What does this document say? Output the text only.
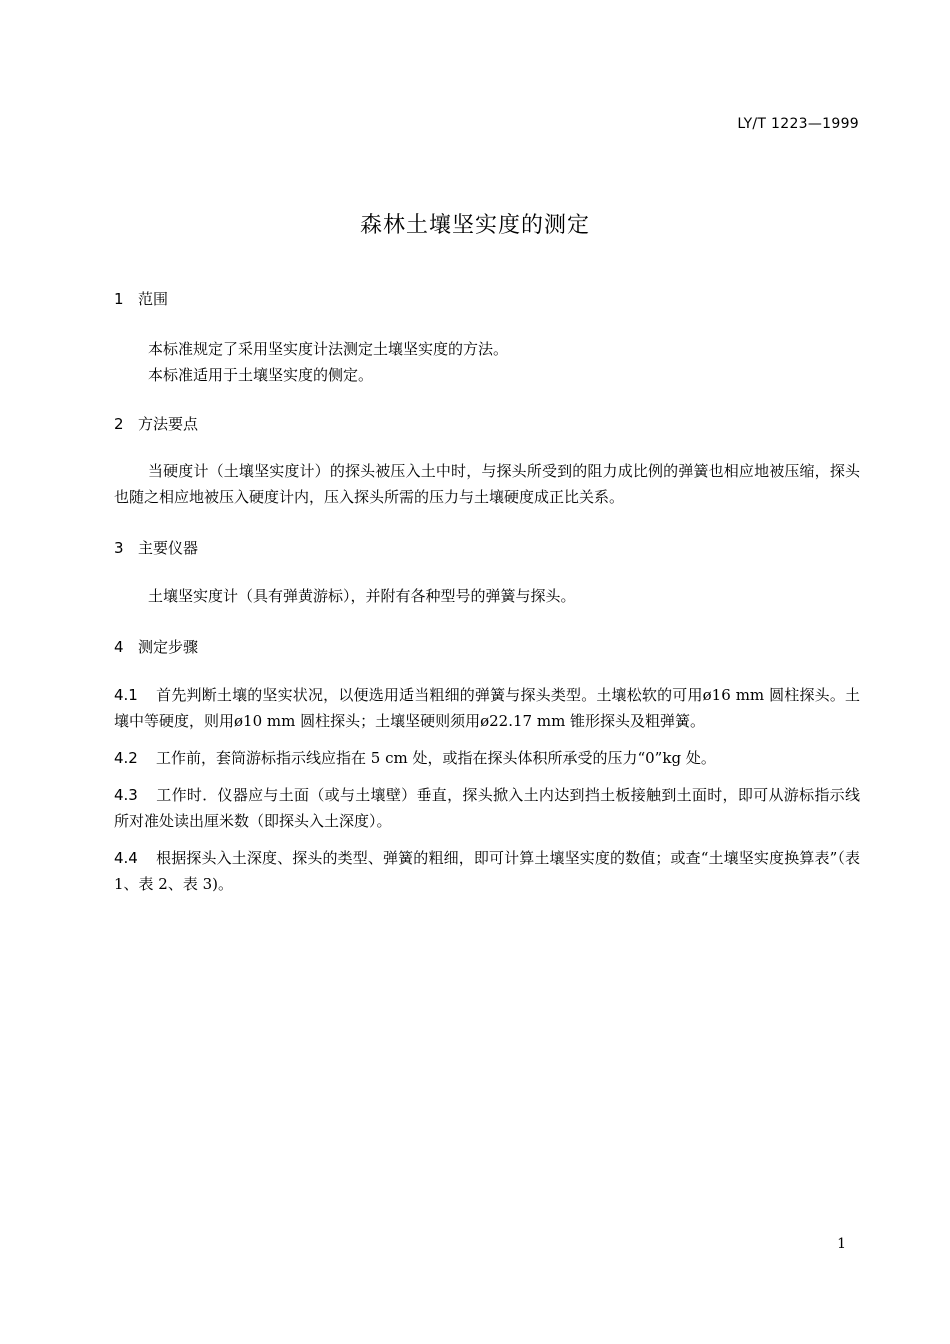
LY/T 1223—1999
森林土壤坚实度的测定
1 范围
本标准规定了采用坚实度计法测定土壤坚实度的方法。
本标准适用于土壤坚实度的侧定。
2 方法要点
当硬度计（土壤坚实度计）的探头被压入土中时，与探头所受到的阻力成比例的弹簧也相应地被压缩，探头也随之相应地被压入硬度计内，压入探头所需的压力与土壤硬度成正比关系。
3 主要仪器
土壤坚实度计（具有弹黄游标），并附有各种型号的弹簧与探头。
4 测定步骤
4.1 首先判断土壤的坚实状况，以便选用适当粗细的弹簧与探头类型。土壤松软的可用ø16 mm 圆柱探头。土壤中等硬度，则用ø10 mm 圆柱探头；土壤坚硬则须用ø22.17 mm 锥形探头及粗弹簧。
4.2 工作前，套筒游标指示线应指在 5 cm 处，或指在探头体积所承受的压力“0”kg 处。
4.3 工作时．仪器应与土面（或与土壤壁）垂直，探头掀入土内达到挡土板接触到土面时，即可从游标指示线所对准处读出厘米数（即探头入土深度）。
4.4 根据探头入土深度、探头的类型、弹簧的粗细，即可计算土壤坚实度的数值；或查“土壤坚实度换算表”（表 1、表 2、表 3)。
1
